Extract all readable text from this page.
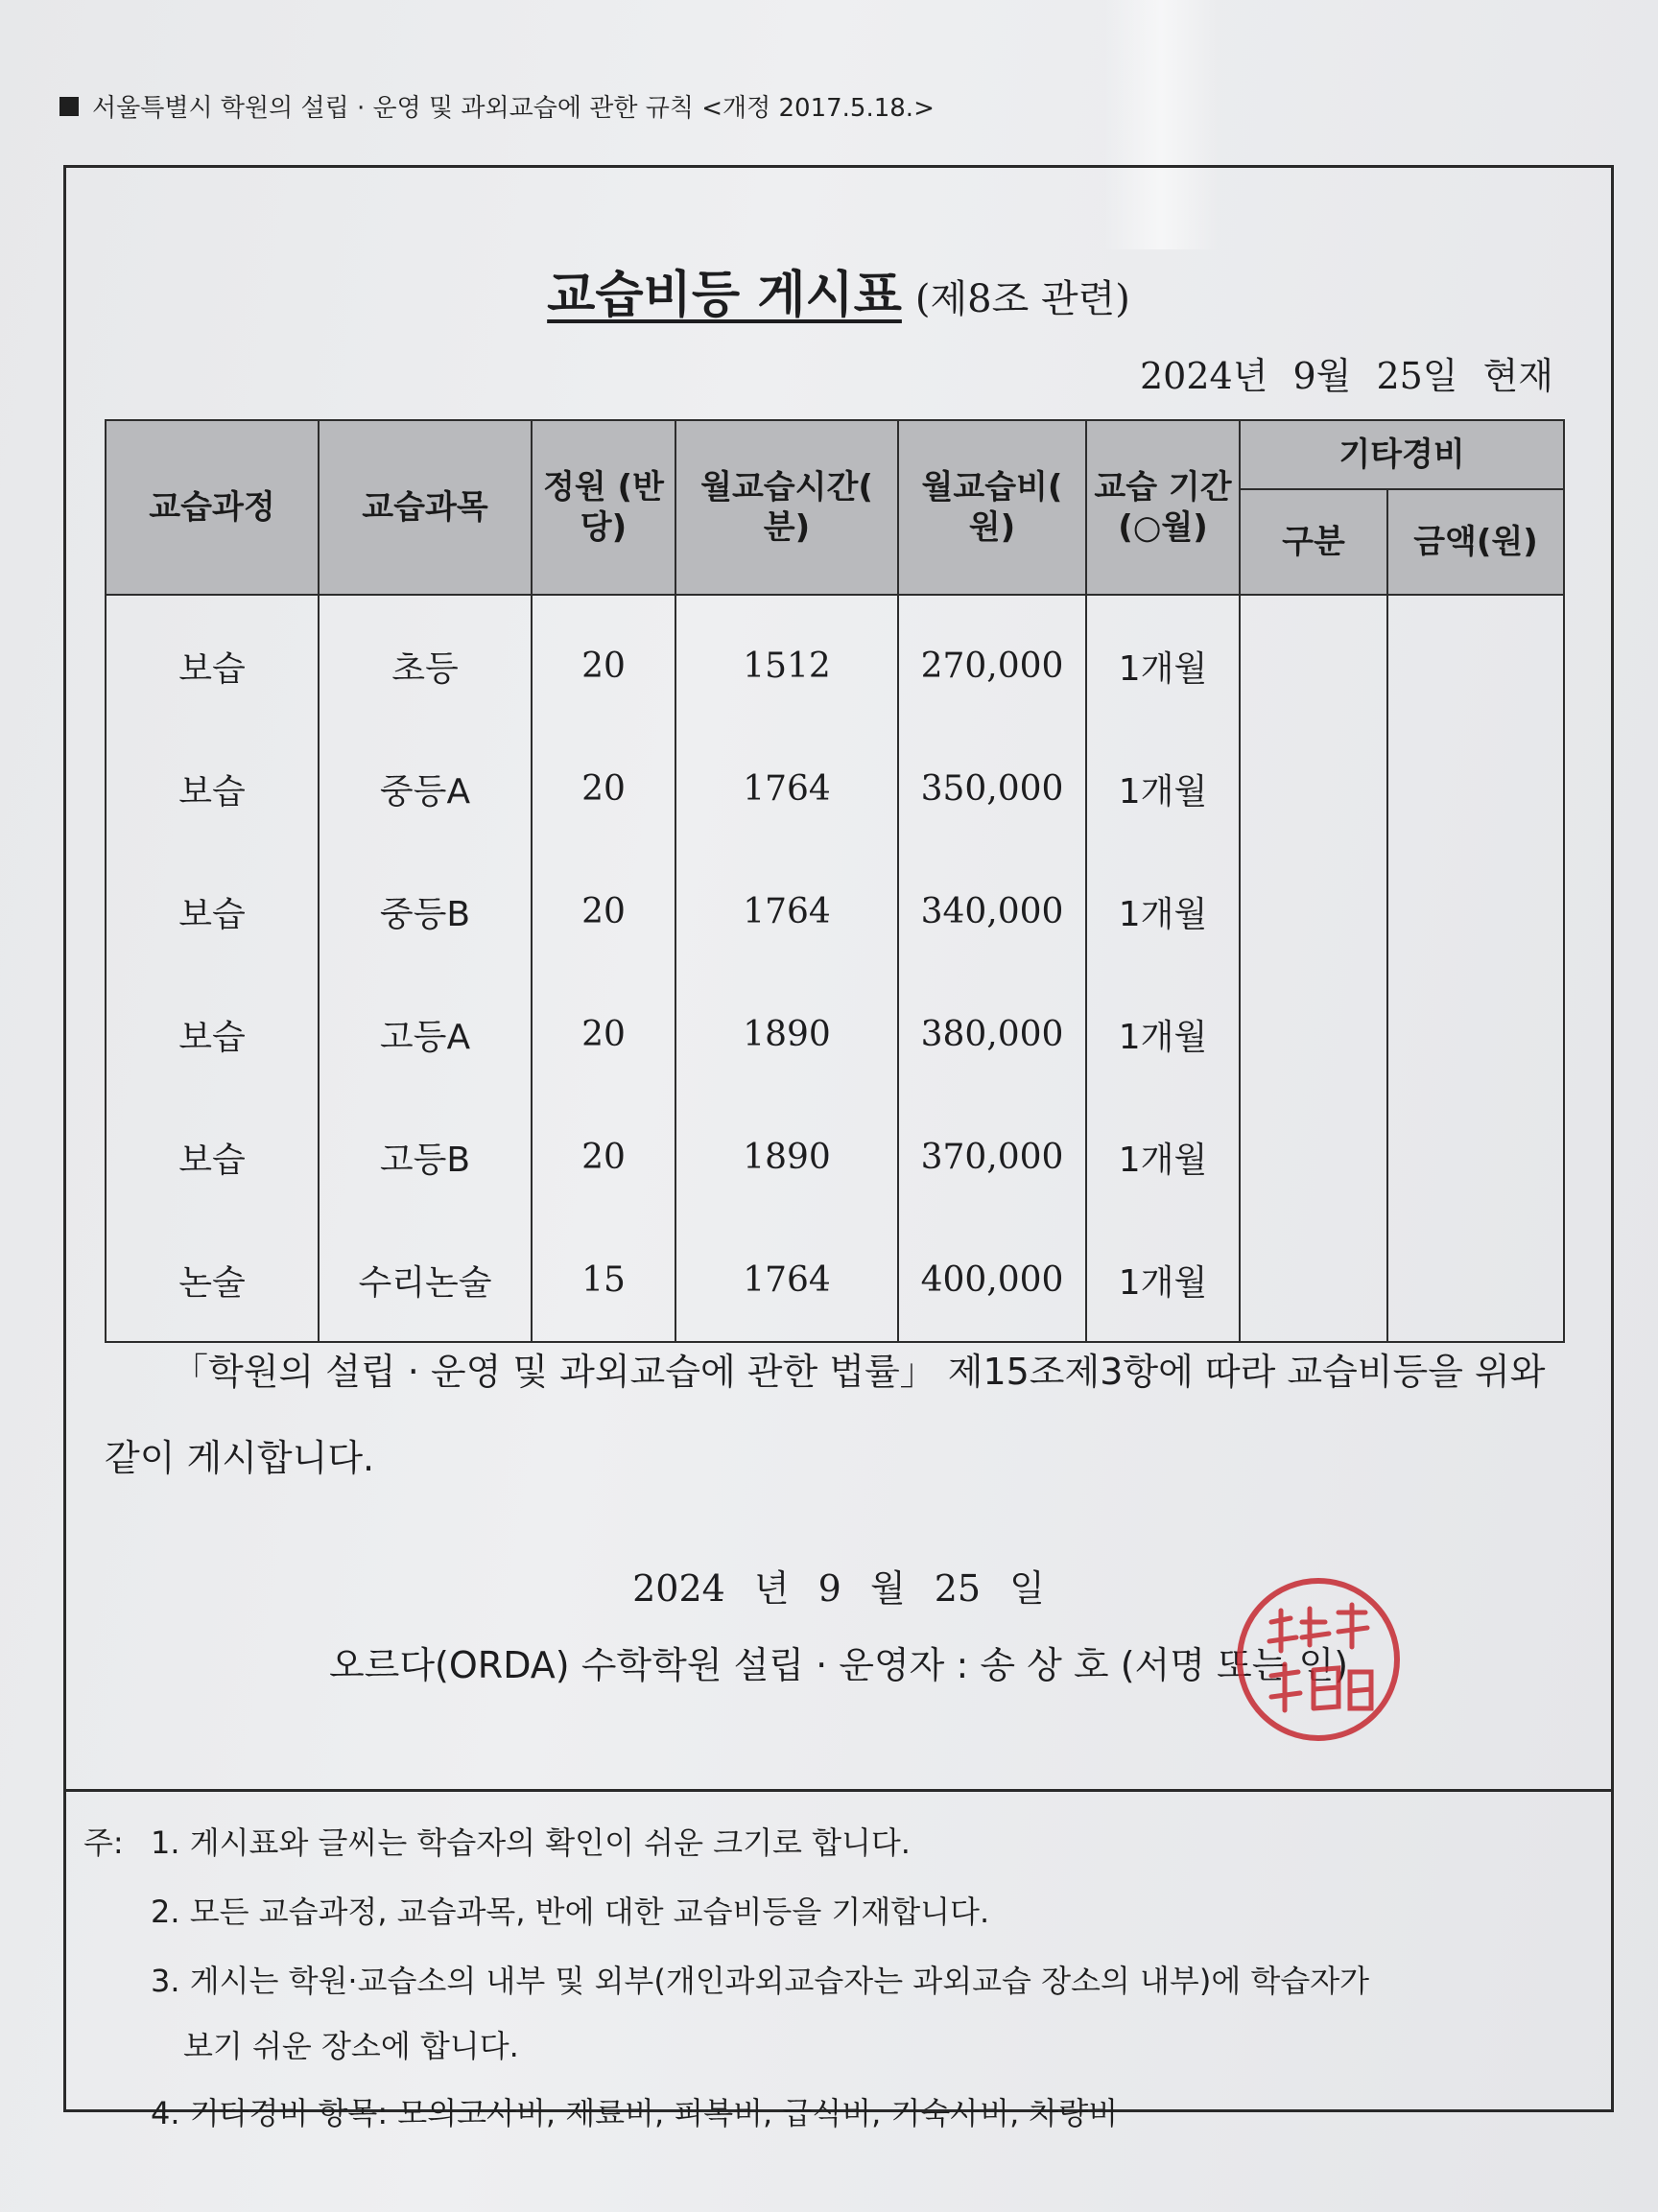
서울특별시 학원의 설립 · 운영 및 과외교습에 관한 규칙 <개정 2017.5.18.>
교습비등 게시표 (제8조 관련)
2024년 9월 25일 현재
교습과정	교습과목	정원 (반당)	월교습시간( 분)	월교습비( 원)	교습 기간 (○월)	기타경비	
						구분	금액(원)
보습	초등	20	1512	270,000	1개월		
보습	중등A	20	1764	350,000	1개월		
보습	중등B	20	1764	340,000	1개월		
보습	고등A	20	1890	380,000	1개월		
보습	고등B	20	1890	370,000	1개월		
논술	수리논술	15	1764	400,000	1개월		
「학원의 설립 · 운영 및 과외교습에 관한 법률」 제15조제3항에 따라 교습비등을 위와 같이 게시합니다.
2024 년 9 월 25 일
오르다(ORDA) 수학학원 설립 · 운영자 : 송 상 호 (서명 또는 인)
주: 1. 게시표와 글씨는 학습자의 확인이 쉬운 크기로 합니다.
2. 모든 교습과정, 교습과목, 반에 대한 교습비등을 기재합니다.
3. 게시는 학원·교습소의 내부 및 외부(개인과외교습자는 과외교습 장소의 내부)에 학습자가
보기 쉬운 장소에 합니다.
4. 기타경비 항목: 모의고사비, 재료비, 피복비, 급식비, 기숙사비, 차량비
